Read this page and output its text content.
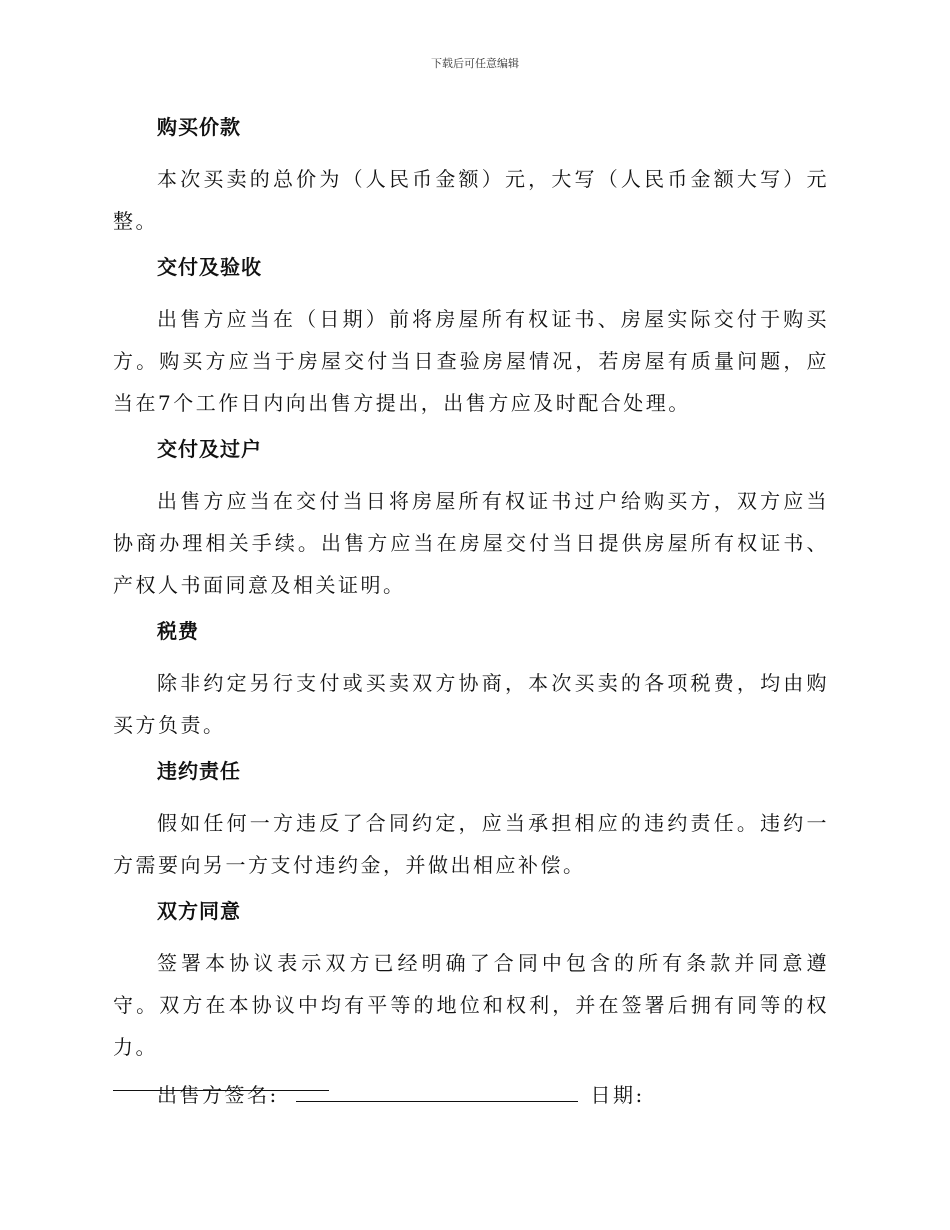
下载后可任意编辑
购买价款

本次买卖的总价为（人民币金额）元，大写（人民币金额大写）元整。

交付及验收

出售方应当在（日期）前将房屋所有权证书、房屋实际交付于购买方。购买方应当于房屋交付当日查验房屋情况，若房屋有质量问题，应当在7个工作日内向出售方提出，出售方应及时配合处理。

交付及过户

出售方应当在交付当日将房屋所有权证书过户给购买方，双方应当协商办理相关手续。出售方应当在房屋交付当日提供房屋所有权证书、产权人书面同意及相关证明。

税费

除非约定另行支付或买卖双方协商，本次买卖的各项税费，均由购买方负责。

违约责任

假如任何一方违反了合同约定，应当承担相应的违约责任。违约一方需要向另一方支付违约金，并做出相应补偿。

双方同意

签署本协议表示双方已经明确了合同中包含的所有条款并同意遵守。双方在本协议中均有平等的地位和权利，并在签署后拥有同等的权力。

出售方签名:	日期:
